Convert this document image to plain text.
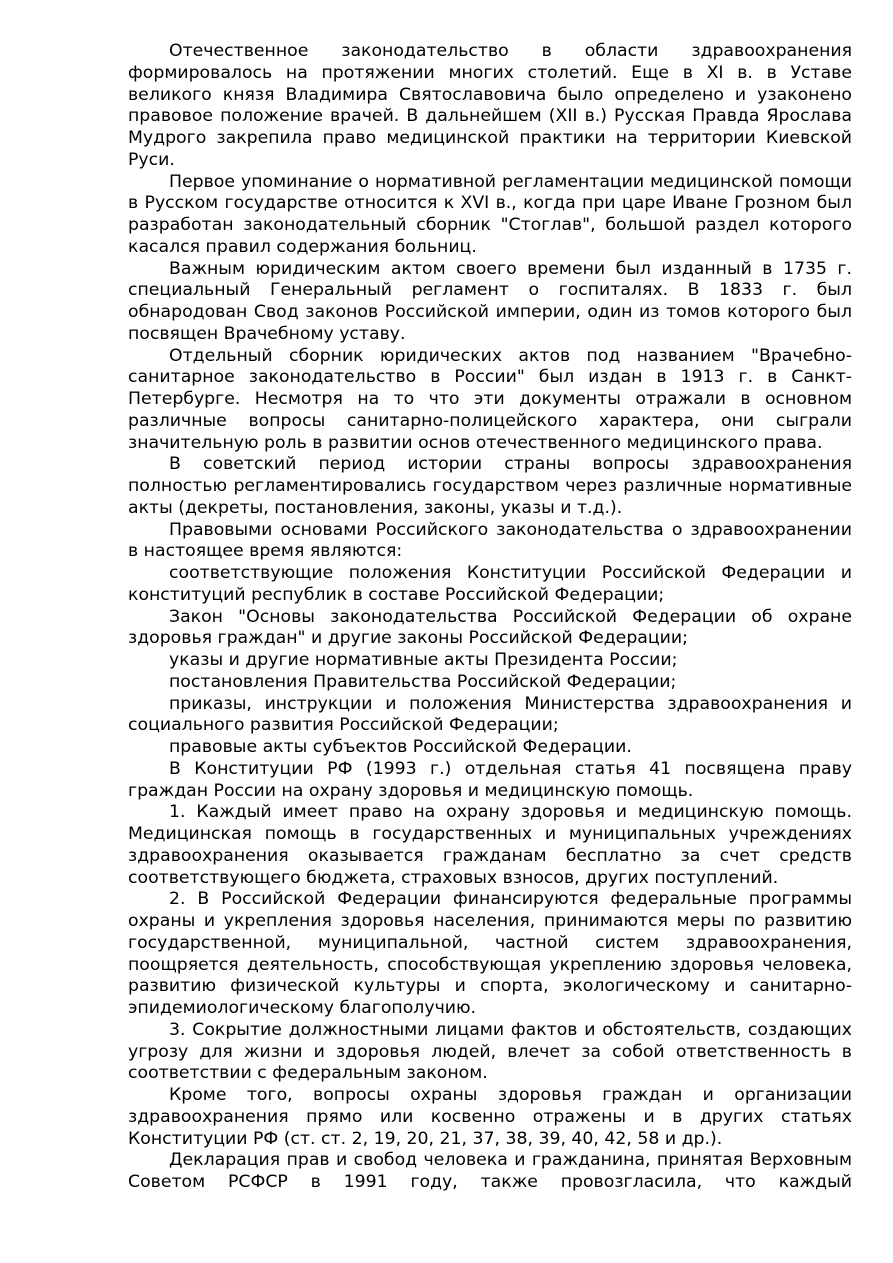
Отечественное законодательство в области здравоохранения формировалось на протяжении многих столетий. Еще в XI в. в Уставе великого князя Владимира Святославовича было определено и узаконено правовое положение врачей. В дальнейшем (XII в.) Русская Правда Ярослава Мудрого закрепила право медицинской практики на территории Киевской Руси.

Первое упоминание о нормативной регламентации медицинской помощи в Русском государстве относится к XVI в., когда при царе Иване Грозном был разработан законодательный сборник "Стоглав", большой раздел которого касался правил содержания больниц.

Важным юридическим актом своего времени был изданный в 1735 г. специальный Генеральный регламент о госпиталях. В 1833 г. был обнародован Свод законов Российской империи, один из томов которого был посвящен Врачебному уставу.

Отдельный сборник юридических актов под названием "Врачебно-санитарное законодательство в России" был издан в 1913 г. в Санкт-Петербурге. Несмотря на то что эти документы отражали в основном различные вопросы санитарно-полицейского характера, они сыграли значительную роль в развитии основ отечественного медицинского права.

В советский период истории страны вопросы здравоохранения полностью регламентировались государством через различные нормативные акты (декреты, постановления, законы, указы и т.д.).

Правовыми основами Российского законодательства о здравоохранении в настоящее время являются:

соответствующие положения Конституции Российской Федерации и конституций республик в составе Российской Федерации;

Закон "Основы законодательства Российской Федерации об охране здоровья граждан" и другие законы Российской Федерации;

указы и другие нормативные акты Президента России;

постановления Правительства Российской Федерации;

приказы, инструкции и положения Министерства здравоохранения и социального развития Российской Федерации;

правовые акты субъектов Российской Федерации.

В Конституции РФ (1993 г.) отдельная статья 41 посвящена праву граждан России на охрану здоровья и медицинскую помощь.

1. Каждый имеет право на охрану здоровья и медицинскую помощь. Медицинская помощь в государственных и муниципальных учреждениях здравоохранения оказывается гражданам бесплатно за счет средств соответствующего бюджета, страховых взносов, других поступлений.

2. В Российской Федерации финансируются федеральные программы охраны и укрепления здоровья населения, принимаются меры по развитию государственной, муниципальной, частной систем здравоохранения, поощряется деятельность, способствующая укреплению здоровья человека, развитию физической культуры и спорта, экологическому и санитарно-эпидемиологическому благополучию.

3. Сокрытие должностными лицами фактов и обстоятельств, создающих угрозу для жизни и здоровья людей, влечет за собой ответственность в соответствии с федеральным законом.

Кроме того, вопросы охраны здоровья граждан и организации здравоохранения прямо или косвенно отражены и в других статьях Конституции РФ (ст. ст. 2, 19, 20, 21, 37, 38, 39, 40, 42, 58 и др.).

Декларация прав и свобод человека и гражданина, принятая Верховным Советом РСФСР в 1991 году, также провозгласила, что каждый
